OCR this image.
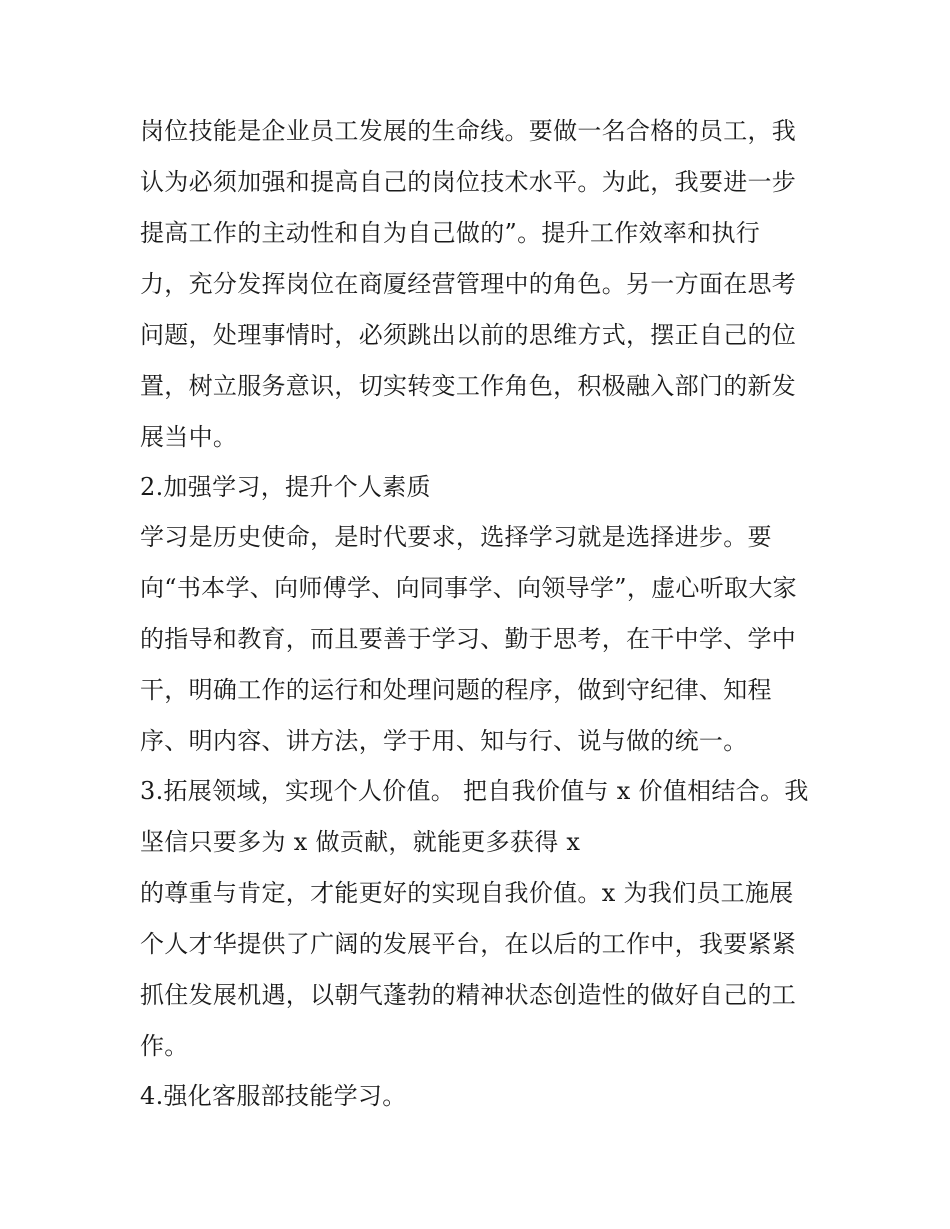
岗位技能是企业员工发展的生命线。要做一名合格的员工，我

认为必须加强和提高自己的岗位技术水平。为此，我要进一步

提高工作的主动性和自为自己做的”。提升工作效率和执行

力，充分发挥岗位在商厦经营管理中的角色。另一方面在思考

问题，处理事情时，必须跳出以前的思维方式，摆正自己的位

置，树立服务意识，切实转变工作角色，积极融入部门的新发

展当中。

2.加强学习，提升个人素质

学习是历史使命，是时代要求，选择学习就是选择进步。要

向“书本学、向师傅学、向同事学、向领导学”，虚心听取大家

的指导和教育，而且要善于学习、勤于思考，在干中学、学中

干，明确工作的运行和处理问题的程序，做到守纪律、知程

序、明内容、讲方法，学于用、知与行、说与做的统一。

3.拓展领域，实现个人价值。 把自我价值与 x 价值相结合。我

坚信只要多为 x 做贡献，就能更多获得 x

的尊重与肯定，才能更好的实现自我价值。x 为我们员工施展

个人才华提供了广阔的发展平台，在以后的工作中，我要紧紧

抓住发展机遇，以朝气蓬勃的精神状态创造性的做好自己的工

作。

4.强化客服部技能学习。
